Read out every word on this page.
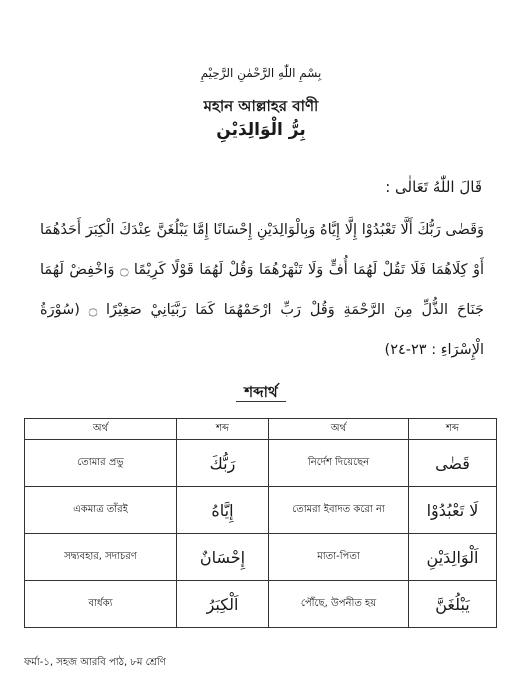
بِسْمِ اللّٰهِ الرَّحْمٰنِ الرَّحِيْمِ
মহান আল্লাহর বাণী
بِرُّ الْوَالِدَيْنِ
قَالَ اللّٰهُ تَعَالٰى :
وَقَضٰى رَبُّكَ أَلَّا تَعْبُدُوْا إِلَّا إِيَّاهُ وَبِالْوَالِدَيْنِ إِحْسَانًا إِمَّا يَبْلُغَنَّ عِنْدَكَ الْكِبَرَ أَحَدُهُمَا أَوْ كِلَاهُمَا فَلَا تَقُلْ لَهُمَا أُفٍّ وَلَا تَنْهَرْهُمَا وَقُلْ لَهُمَا قَوْلًا كَرِيْمًا ۝ وَاخْفِضْ لَهُمَا جَنَاحَ الذُّلِّ مِنَ الرَّحْمَةِ وَقُلْ رَبِّ ارْحَمْهُمَا كَمَا رَبَّيَانِيْ صَغِيْرًا ۝ (سُوْرَةُ الْإِسْرَاءِ : ٢٣-٢٤)
শব্দার্থ
অর্থ	শব্দ	অর্থ	শব্দ
তোমার প্রভু	رَبُّكَ	নির্দেশ দিয়েছেন	قَضٰى
একমাত্র তাঁরই	إِيَّاهُ	তোমরা ইবাদত করো না	لَا تَعْبُدُوْا
সদ্ব্যবহার, সদাচরণ	إِحْسَانٌ	মাতা-পিতা	اَلْوَالِدَيْنِ
বার্ধক্য	اَلْكِبَرُ	পৌঁছে, উপনীত হয়	يَبْلُغَنَّ
ফর্মা-১, সহজ আরবি পাঠ, ৮ম শ্রেণি
